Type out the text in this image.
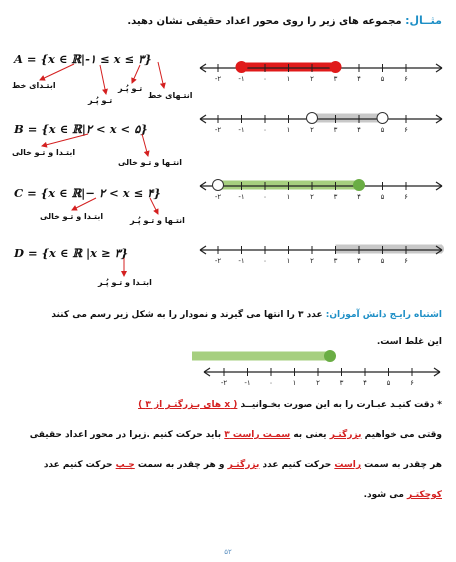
مثــال: مجموعه های زیر را روی محور اعداد حقیقی نشان دهید.
A = {x ∈ ℝ|-۱ ≤ x ≤ ۳}
B = {x ∈ ℝ|۲ < x < ۵}
C = {x ∈ ℝ|− ۲ < x ≤ ۴}
D = {x ∈ ℝ |x ≥ ۳}
ابتـدای خط
تـو پُـر
تـو پُـر
انتـهای خط
ابتـدا و تـو خالی
انتـها و تـو خالی
ابتـدا و تـو خالی	انتـها و تـو پُـر
ابتـدا و تـو پُـر
-۲ -۱	۰	۱	۲	۳	۴	۵	۶
-۲ -۱	۰	۱	۲	۳	۴	۵	۶
-۲ -۱	۰	۱	۲	۳	۴	۵	۶
-۲ -۱	۰	۱	۲	۳	۴	۵	۶
اشتباه رایـج دانش آموزان: عدد ۳ را انتها می گیرند و نمودار را به شکل زیر رسم می کنند
این غلط است.
-۲ -۱	۰	۱	۲	۳	۴	۵	۶
* دقت کنیـد عبـارت را به این صورت بخـوانیــد ( x های بـزرگتـر از ۳ )
وقتی می خواهیم بزرگتـر یعنی به سمـت راست ۳ باید حرکت کنیم .زیرا در محور اعداد حقیقی
هر چقدر به سمت راست حرکت کنیم عدد بزرگتـر و هر چقدر به سمت چـپ حرکت کنیم عدد
کوچکتـر می شود.
۵۲
